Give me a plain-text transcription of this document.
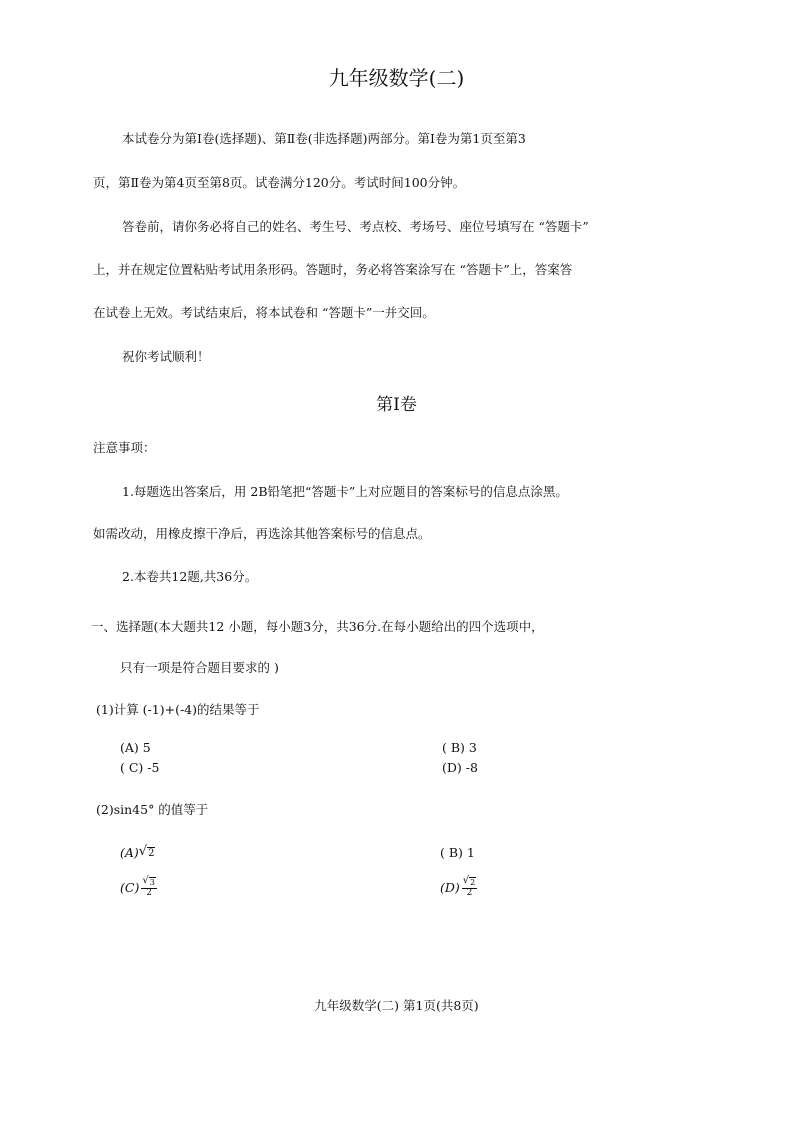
九年级数学(二)
本试卷分为第Ⅰ卷(选择题)、第Ⅱ卷(非选择题)两部分。第Ⅰ卷为第1页至第3
页，第Ⅱ卷为第4页至第8页。试卷满分120分。考试时间100分钟。
答卷前，请你务必将自己的姓名、考生号、考点校、考场号、座位号填写在 “答题卡”
上，并在规定位置粘贴考试用条形码。答题时，务必将答案涂写在 “答题卡”上，答案答
在试卷上无效。考试结束后，将本试卷和 “答题卡”一并交回。
祝你考试顺利！
第Ⅰ卷
注意事项：
1.每题选出答案后，用 2B铅笔把“答题卡”上对应题目的答案标号的信息点涂黑。
如需改动，用橡皮擦干净后，再选涂其他答案标号的信息点。
2.本卷共12题,共36分。
一、选择题(本大题共12 小题，每小题3分，共36分.在每小题给出的四个选项中，
只有一项是符合题目要求的 )
(1)计算 (-1)+(-4)的结果等于
(A) 5	( B) 3
( C) -5	(D) -8
(2)sin45° 的值等于
(A) √ 2	( B) 1
$(C) \frac{√ 3}{2}$	$(D) \frac{√ 2}{2}$
九年级数学(二) 第1页(共8页)
